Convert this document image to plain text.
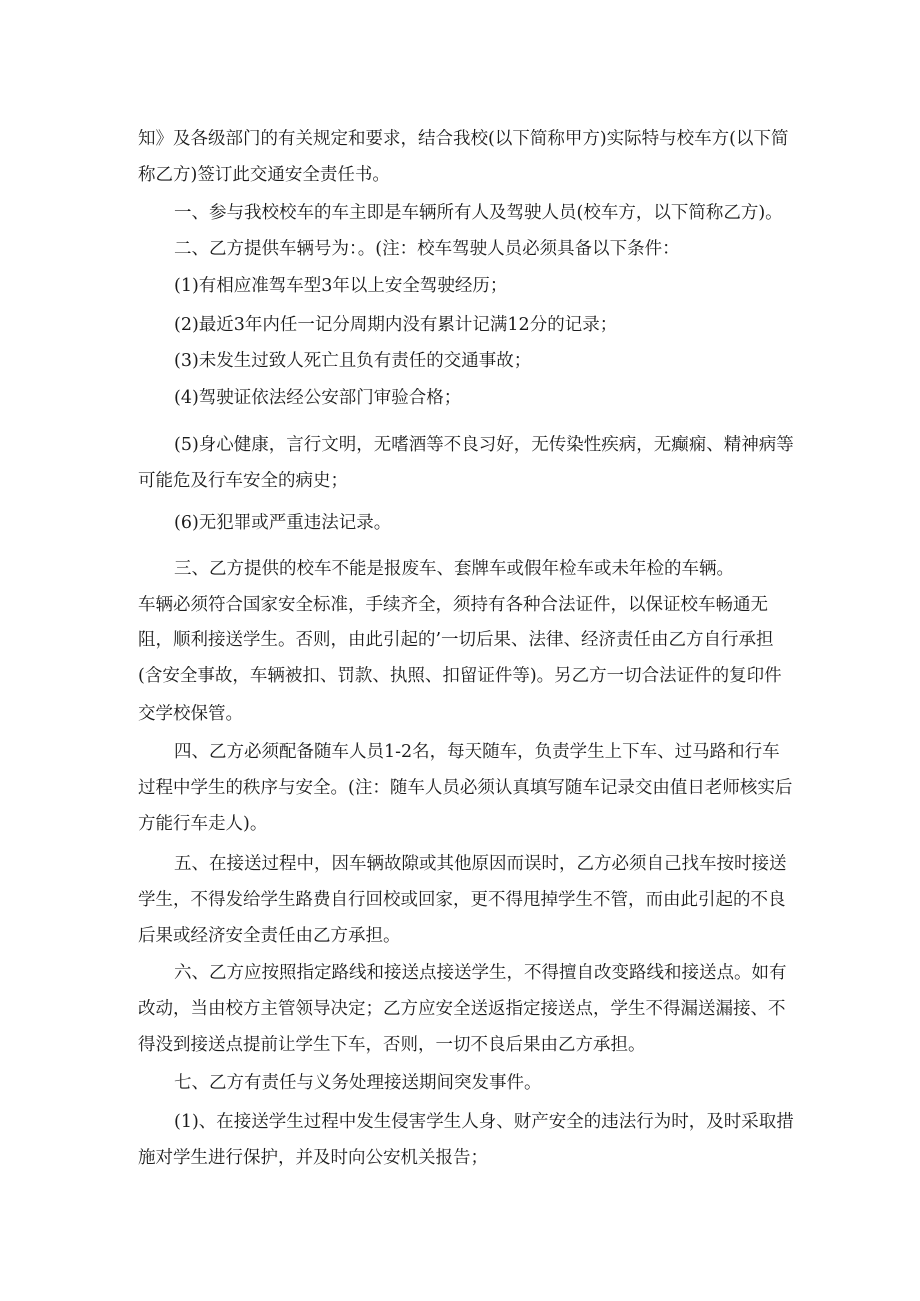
知》及各级部门的有关规定和要求，结合我校(以下简称甲方)实际特与校车方(以下简
称乙方)签订此交通安全责任书。
一、参与我校校车的车主即是车辆所有人及驾驶人员(校车方，以下简称乙方)。
二、乙方提供车辆号为：。(注：校车驾驶人员必须具备以下条件：
(1)有相应准驾车型3年以上安全驾驶经历；
(2)最近3年内任一记分周期内没有累计记满12分的记录；
(3)未发生过致人死亡且负有责任的交通事故；
(4)驾驶证依法经公安部门审验合格；
(5)身心健康，言行文明，无嗜酒等不良习好，无传染性疾病，无癫痫、精神病等
可能危及行车安全的病史；
(6)无犯罪或严重违法记录。
三、乙方提供的校车不能是报废车、套牌车或假年检车或未年检的车辆。
车辆必须符合国家安全标准，手续齐全，须持有各种合法证件，以保证校车畅通无
阻，顺利接送学生。否则，由此引起的’一切后果、法律、经济责任由乙方自行承担
(含安全事故，车辆被扣、罚款、执照、扣留证件等)。另乙方一切合法证件的复印件
交学校保管。
四、乙方必须配备随车人员1-2名，每天随车，负责学生上下车、过马路和行车
过程中学生的秩序与安全。(注：随车人员必须认真填写随车记录交由值日老师核实后
方能行车走人)。
五、在接送过程中，因车辆故隙或其他原因而误时，乙方必须自己找车按时接送
学生，不得发给学生路费自行回校或回家，更不得甩掉学生不管，而由此引起的不良
后果或经济安全责任由乙方承担。
六、乙方应按照指定路线和接送点接送学生，不得擅自改变路线和接送点。如有
改动，当由校方主管领导决定；乙方应安全送返指定接送点，学生不得漏送漏接、不
得没到接送点提前让学生下车，否则，一切不良后果由乙方承担。
七、乙方有责任与义务处理接送期间突发事件。
(1)、在接送学生过程中发生侵害学生人身、财产安全的违法行为时，及时采取措
施对学生进行保护，并及时向公安机关报告；
